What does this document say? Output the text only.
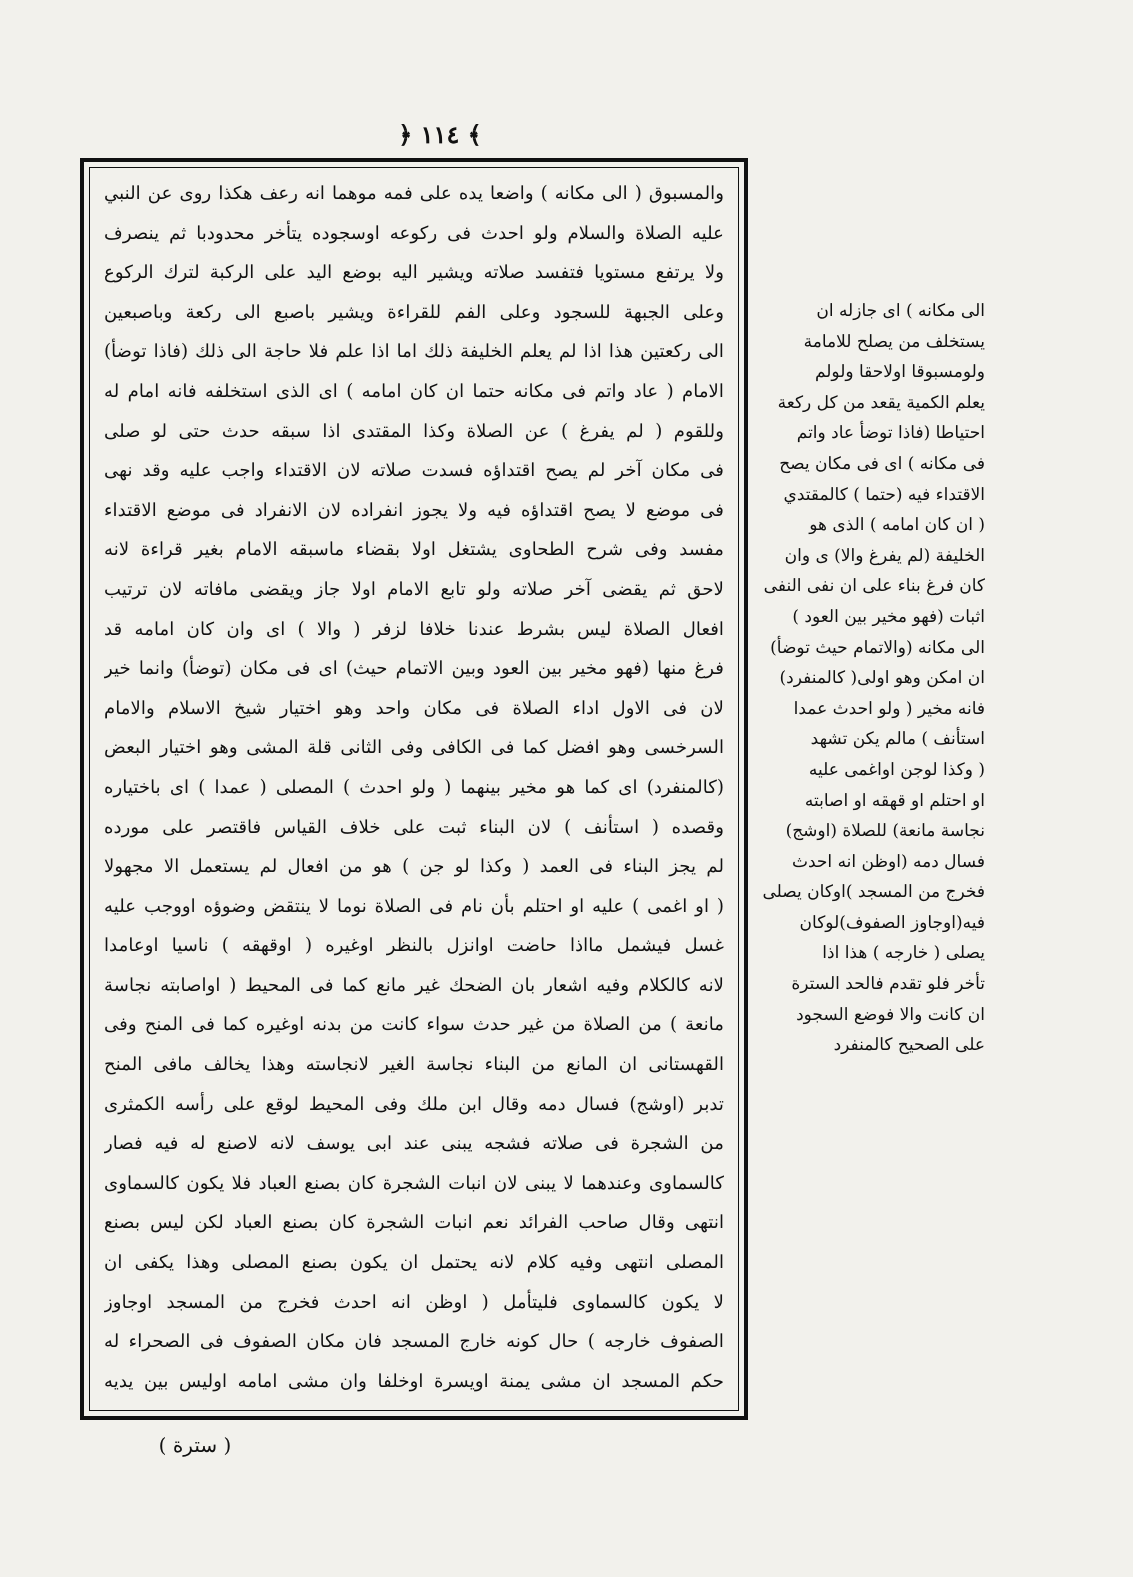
﴿ ١١٤ ﴾
والمسبوق ( الى مكانه ) واضعا يده على فمه موهما انه رعف هكذا روى عن النبي
عليه الصلاة والسلام ولو احدث فى ركوعه اوسجوده يتأخر محدودبا ثم ينصرف
ولا يرتفع مستويا فتفسد صلاته ويشير اليه بوضع اليد على الركبة لترك الركوع
وعلى الجبهة للسجود وعلى الفم للقراءة ويشير باصبع الى ركعة وباصبعين
الى ركعتين هذا اذا لم يعلم الخليفة ذلك اما اذا علم فلا حاجة الى ذلك (فاذا توضأ)
الامام ( عاد واتم فى مكانه حتما ان كان امامه ) اى الذى استخلفه فانه امام له
وللقوم ( لم يفرغ ) عن الصلاة وكذا المقتدى اذا سبقه حدث حتى لو صلى
فى مكان آخر لم يصح اقتداؤه فسدت صلاته لان الاقتداء واجب عليه وقد نهى
فى موضع لا يصح اقتداؤه فيه ولا يجوز انفراده لان الانفراد فى موضع الاقتداء
مفسد وفى شرح الطحاوى يشتغل اولا بقضاء ماسبقه الامام بغير قراءة لانه
لاحق ثم يقضى آخر صلاته ولو تابع الامام اولا جاز ويقضى مافاته لان ترتيب
افعال الصلاة ليس بشرط عندنا خلافا لزفر ( والا ) اى وان كان امامه قد
فرغ منها (فهو مخير بين العود وبين الاتمام حيث) اى فى مكان (توضأ) وانما خير
لان فى الاول اداء الصلاة فى مكان واحد وهو اختيار شيخ الاسلام والامام
السرخسى وهو افضل كما فى الكافى وفى الثانى قلة المشى وهو اختيار البعض
(كالمنفرد) اى كما هو مخير بينهما ( ولو احدث ) المصلى ( عمدا ) اى باختياره
وقصده ( استأنف ) لان البناء ثبت على خلاف القياس فاقتصر على مورده
لم يجز البناء فى العمد ( وكذا لو جن ) هو من افعال لم يستعمل الا مجهولا
( او اغمى ) عليه او احتلم بأن نام فى الصلاة نوما لا ينتقض وضوؤه اووجب عليه
غسل فيشمل مااذا حاضت اوانزل بالنظر اوغيره ( اوقهقه ) ناسيا اوعامدا
لانه كالكلام وفيه اشعار بان الضحك غير مانع كما فى المحيط ( اواصابته نجاسة
مانعة ) من الصلاة من غير حدث سواء كانت من بدنه اوغيره كما فى المنح وفى
القهستانى ان المانع من البناء نجاسة الغير لانجاسته وهذا يخالف مافى المنح
تدبر (اوشج) فسال دمه وقال ابن ملك وفى المحيط لوقع على رأسه الكمثرى
من الشجرة فى صلاته فشجه يبنى عند ابى يوسف لانه لاصنع له فيه فصار
كالسماوى وعندهما لا يبنى لان انبات الشجرة كان بصنع العباد فلا يكون كالسماوى
انتهى وقال صاحب الفرائد نعم انبات الشجرة كان بصنع العباد لكن ليس بصنع
المصلى انتهى وفيه كلام لانه يحتمل ان يكون بصنع المصلى وهذا يكفى ان
لا يكون كالسماوى فليتأمل ( اوظن انه احدث فخرج من المسجد اوجاوز
الصفوف خارجه ) حال كونه خارج المسجد فان مكان الصفوف فى الصحراء له
حكم المسجد ان مشى يمنة اويسرة اوخلفا وان مشى امامه اوليس بين يديه
الى مكانه ) اى جازله ان
يستخلف من يصلح للامامة
ولومسبوقا اولاحقا ولولم
يعلم الكمية يقعد من كل ركعة
احتياطا (فاذا توضأ عاد واتم
فى مكانه ) اى فى مكان يصح
الاقتداء فيه (حتما ) كالمقتدي
( ان كان امامه ) الذى هو
الخليفة (لم يفرغ والا) ى وان
كان فرغ بناء على ان نفى النفى
اثبات (فهو مخير بين العود )
الى مكانه (والاتمام حيث توضأ)
ان امكن وهو اولى( كالمنفرد)
فانه مخير ( ولو احدث عمدا
استأنف ) مالم يكن تشهد
( وكذا لوجن اواغمى عليه
او احتلم او قهقه او اصابته
نجاسة مانعة) للصلاة (اوشج)
فسال دمه (اوظن انه احدث
فخرج من المسجد )اوكان يصلى
فيه(اوجاوز الصفوف)لوكان
يصلى ( خارجه ) هذا اذا
تأخر فلو تقدم فالحد السترة
ان كانت والا فوضع السجود
على الصحيح كالمنفرد
( سترة )
